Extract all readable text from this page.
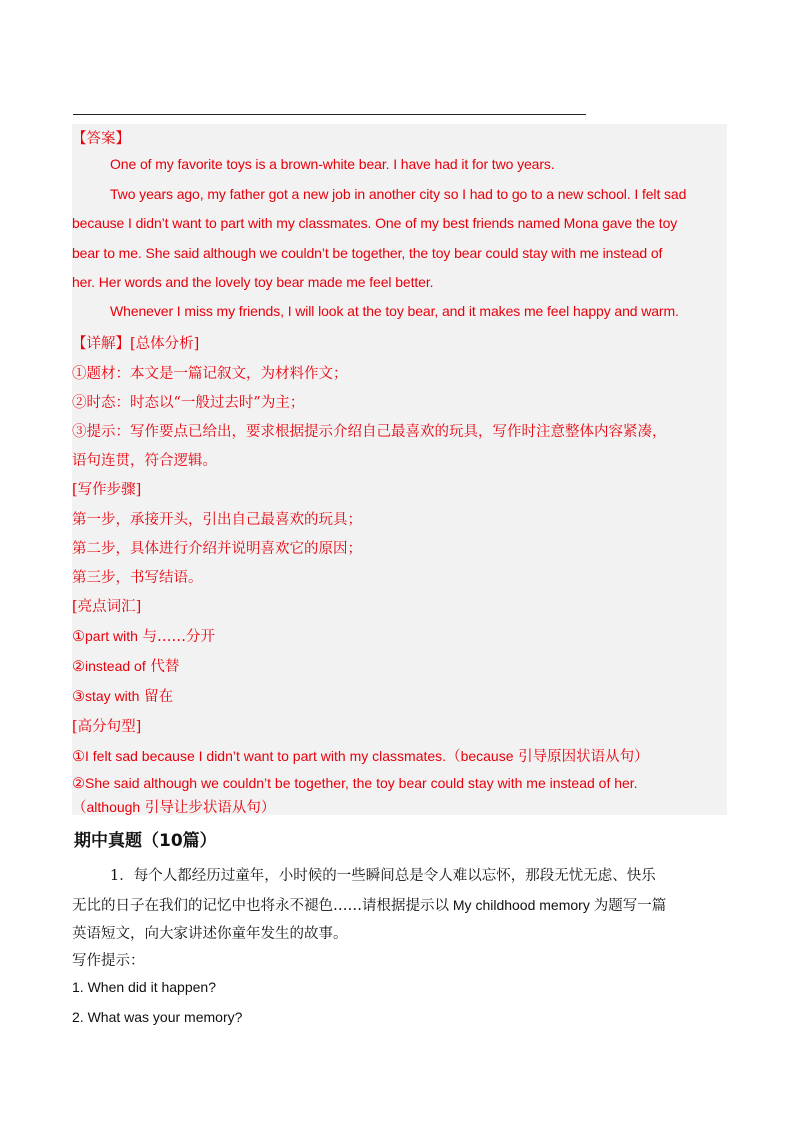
【答案】
One of my favorite toys is a brown-white bear. I have had it for two years.
Two years ago, my father got a new job in another city so I had to go to a new school. I felt sad
because I didn’t want to part with my classmates. One of my best friends named Mona gave the toy
bear to me. She said although we couldn’t be together, the toy bear could stay with me instead of
her. Her words and the lovely toy bear made me feel better.
Whenever I miss my friends, I will look at the toy bear, and it makes me feel happy and warm.
【详解】[总体分析]
①题材：本文是一篇记叙文，为材料作文；
②时态：时态以“一般过去时”为主；
③提示：写作要点已给出，要求根据提示介绍自己最喜欢的玩具，写作时注意整体内容紧凑，
语句连贯，符合逻辑。
[写作步骤]
第一步，承接开头，引出自己最喜欢的玩具；
第二步，具体进行介绍并说明喜欢它的原因；
第三步，书写结语。
[亮点词汇]
①part with 与……分开
②instead of 代替
③stay with 留在
[高分句型]
①I felt sad because I didn’t want to part with my classmates.（because 引导原因状语从句）
②She said although we couldn’t be together, the toy bear could stay with me instead of her.
（although 引导让步状语从句）
期中真题（10篇）
1．每个人都经历过童年，小时候的一些瞬间总是令人难以忘怀，那段无忧无虑、快乐
无比的日子在我们的记忆中也将永不褪色……请根据提示以 My childhood memory 为题写一篇
英语短文，向大家讲述你童年发生的故事。
写作提示：
1. When did it happen?
2. What was your memory?
